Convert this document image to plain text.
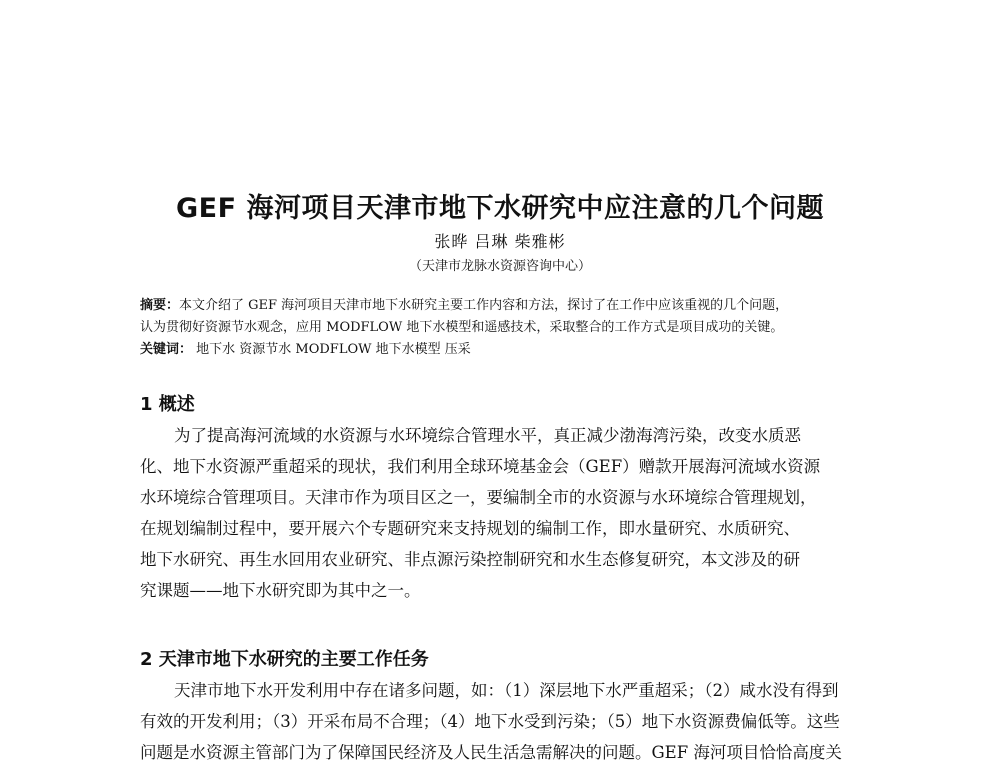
GEF 海河项目天津市地下水研究中应注意的几个问题
张晔 吕琳 柴雅彬
（天津市龙脉水资源咨询中心）
摘要：本文介绍了 GEF 海河项目天津市地下水研究主要工作内容和方法，探讨了在工作中应该重视的几个问题，
认为贯彻好资源节水观念，应用 MODFLOW 地下水模型和遥感技术，采取整合的工作方式是项目成功的关键。
关键词： 地下水 资源节水 MODFLOW 地下水模型 压采
1 概述
为了提高海河流域的水资源与水环境综合管理水平，真正减少渤海湾污染，改变水质恶
化、地下水资源严重超采的现状，我们利用全球环境基金会（GEF）赠款开展海河流域水资源
水环境综合管理项目。天津市作为项目区之一，要编制全市的水资源与水环境综合管理规划，
在规划编制过程中，要开展六个专题研究来支持规划的编制工作，即水量研究、水质研究、
地下水研究、再生水回用农业研究、非点源污染控制研究和水生态修复研究，本文涉及的研
究课题——地下水研究即为其中之一。
2 天津市地下水研究的主要工作任务
天津市地下水开发利用中存在诸多问题，如：（1）深层地下水严重超采；（2）咸水没有得到
有效的开发利用；（3）开采布局不合理；（4）地下水受到污染；（5）地下水资源费偏低等。这些
问题是水资源主管部门为了保障国民经济及人民生活急需解决的问题。GEF 海河项目恰恰高度关
